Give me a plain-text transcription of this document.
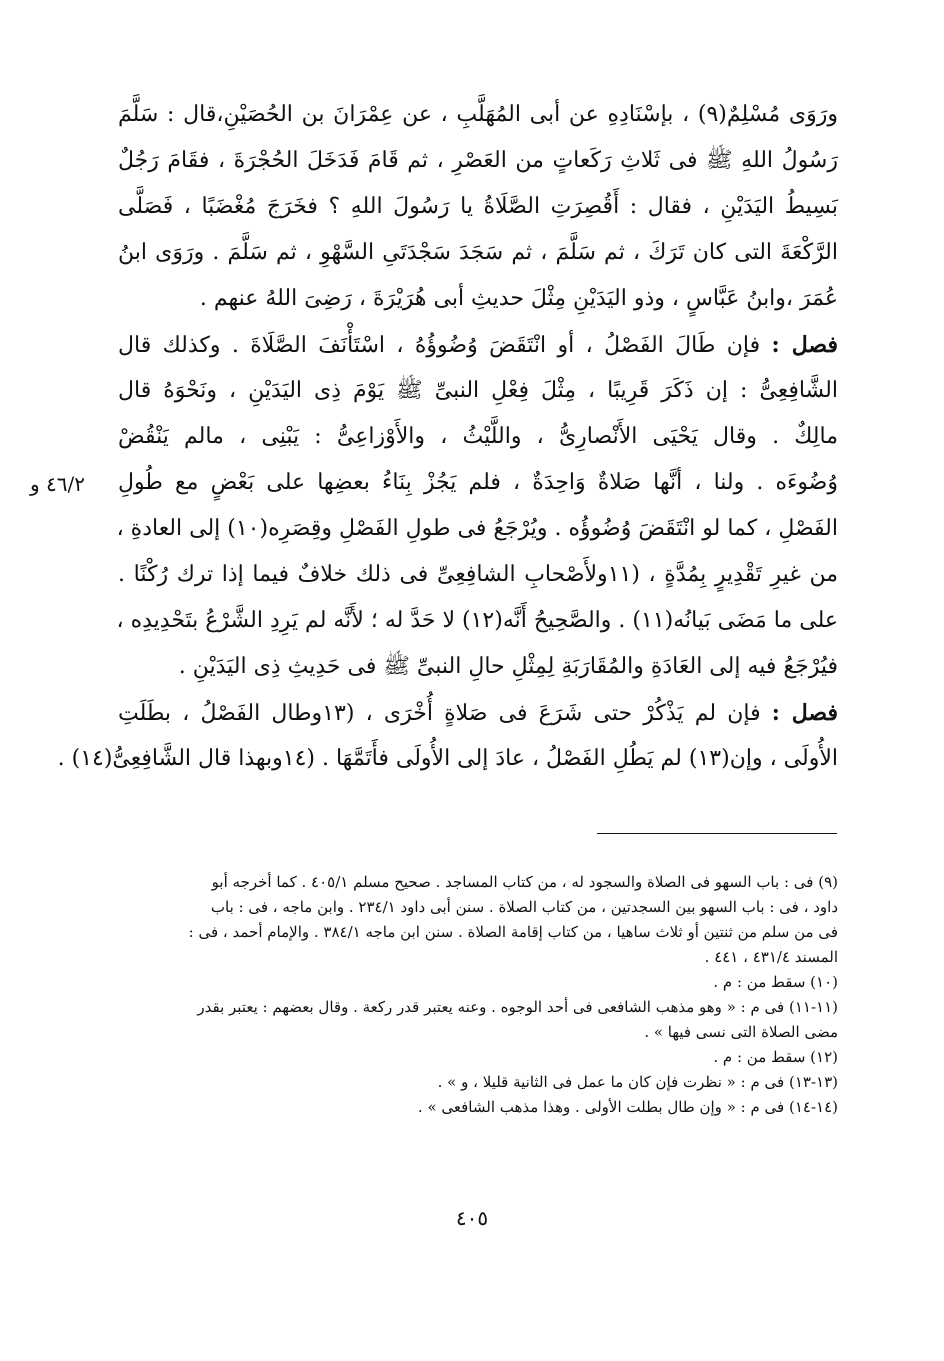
ورَوَى مُسْلِمٌ(٩) ، بإسْنَادِهِ عن أبى المُهَلَّبِ ، عن عِمْرَانَ بن الحُصَيْنِ،قال : سَلَّمَ
رَسُولُ اللهِ ﷺ فى ثَلاثِ رَكَعاتٍ من العَصْرِ ، ثم قَامَ فَدَخَلَ الحُجْرَةَ ، فقَامَ رَجُلٌ
بَسِيطُ اليَدَيْنِ ، فقال : أَقُصِرَتِ الصَّلَاةُ يا رَسُولَ اللهِ ؟ فخَرَجَ مُغْضَبًا ، فَصَلَّى
الرَّكْعَةَ التى كان تَرَكَ ، ثم سَلَّمَ ، ثم سَجَدَ سَجْدَتَىِ السَّهْوِ ، ثم سَلَّمَ . ورَوَى ابنُ
عُمَرَ ،وابنُ عَبَّاسٍ ، وذو اليَدَيْنِ مِثْلَ حديثِ أبى هُرَيْرَةَ ، رَضِىَ اللهُ عنهم .
فصل : فإن طَالَ الفَصْلُ ، أو انْتَقَضَ وُضُوؤُهُ ، اسْتَأْنَفَ الصَّلَاةَ . وكذلك قال
الشَّافِعِىُّ : إن ذَكَرَ قَرِيبًا ، مِثْلَ فِعْلِ النبىِّ ﷺ يَوْمَ ذِى اليَدَيْنِ ، ونَحْوَهُ قال
مالِكٌ . وقال يَحْيَى الأَنْصارِىُّ ، واللَّيْثُ ، والأَوْزاعِىُّ : يَبْنِى ، مالم يَنْقُضْ
وُضُوءَه . ولنا ، أنَّها صَلاةٌ وَاحِدَةٌ ، فلم يَجُزْ بِنَاءُ بعضِها على بَعْضٍ مع طُولِ
الفَصْلِ ، كما لو انْتَقَضَ وُضُوؤُه . ويُرْجَعُ فى طولِ الفَصْلِ وقِصَرِه(١٠) إلى العادةِ ،
من غيرِ تَقْدِيرٍ بِمُدَّةٍ ، (١١ولأَصْحابِ الشافِعِىِّ فى ذلك خلافٌ فيما إذا ترك رُكْنًا .
على ما مَضَى بَيانُه(١١) . والصَّحِيحُ أَنَّه(١٢) لا حَدَّ له ؛ لأَنَّه لم يَرِدِ الشَّرْعُ بتَحْدِيدِه ،
فيُرْجَعُ فيه إلى العَادَةِ والمُقَارَبَةِ لِمِثْلِ حالِ النبىِّ ﷺ فى حَدِيثِ ذِى اليَدَيْنِ .
فصل : فإن لم يَذْكُرْ حتى شَرَعَ فى صَلاةٍ أُخْرَى ، (١٣وطال الفَصْلُ ، بطَلَتِ
الأُولَى ، وإن(١٣) لم يَطُلِ الفَصْلُ ، عادَ إلى الأُولَى فأَتَمَّهَا . (١٤وبهذا قال الشَّافِعِىُّ(١٤) .
٤٦/٢ و
(٩) فى : باب السهو فى الصلاة والسجود له ، من كتاب المساجد . صحيح مسلم ٤٠٥/١ . كما أخرجه أبو
داود ، فى : باب السهو بين السجدتين ، من كتاب الصلاة . سنن أبى داود ٢٣٤/١ . وابن ماجه ، فى : باب
فى من سلم من ثنتين أو ثلاث ساهيا ، من كتاب إقامة الصلاة . سنن ابن ماجه ٣٨٤/١ . والإمام أحمد ، فى :
المسند ٤٣١/٤ ، ٤٤١ .
(١٠) سقط من : م .
(١١-١١) فى م : « وهو مذهب الشافعى فى أحد الوجوه . وعنه يعتبر قدر ركعة . وقال بعضهم : يعتبر بقدر
مضى الصلاة التى نسى فيها » .
(١٢) سقط من : م .
(١٣-١٣) فى م : « نظرت فإن كان ما عمل فى الثانية قليلا ، و » .
(١٤-١٤) فى م : « وإن طال بطلت الأولى . وهذا مذهب الشافعى » .
٤٠٥
